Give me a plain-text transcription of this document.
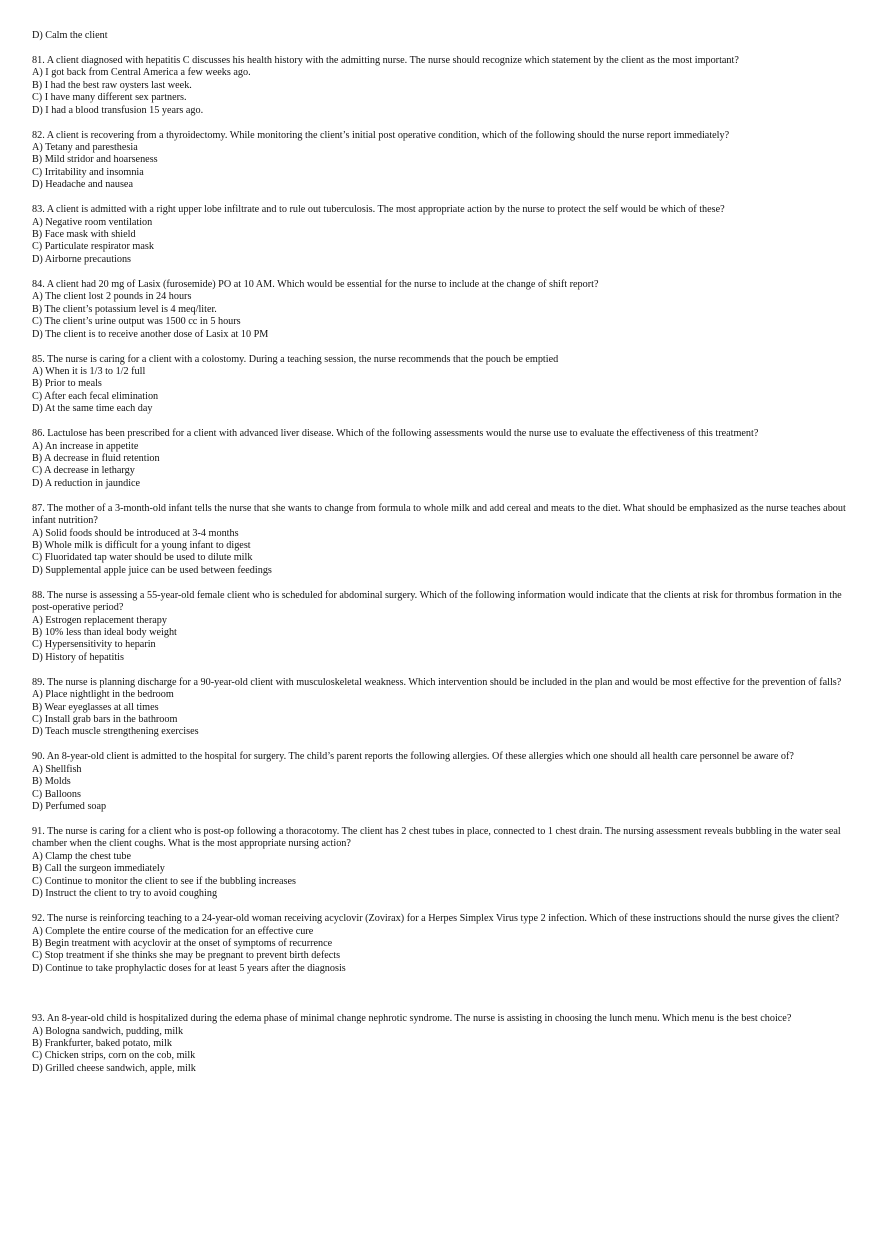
D) Calm the client
81. A client diagnosed with hepatitis C discusses his health history with the admitting nurse. The nurse should recognize which statement by the client as the most important?
A) I got back from Central America a few weeks ago.
B) I had the best raw oysters last week.
C) I have many different sex partners.
D) I had a blood transfusion 15 years ago.
82. A client is recovering from a thyroidectomy. While monitoring the client’s initial post operative condition, which of the following should the nurse report immediately?
A) Tetany and paresthesia
B) Mild stridor and hoarseness
C) Irritability and insomnia
D) Headache and nausea
83. A client is admitted with a right upper lobe infiltrate and to rule out tuberculosis. The most appropriate action by the nurse to protect the self would be which of these?
A) Negative room ventilation
B) Face mask with shield
C) Particulate respirator mask
D) Airborne precautions
84. A client had 20 mg of Lasix (furosemide) PO at 10 AM. Which would be essential for the nurse to include at the change of shift report?
A) The client lost 2 pounds in 24 hours
B) The client’s potassium level is 4 meq/liter.
C) The client’s urine output was 1500 cc in 5 hours
D) The client is to receive another dose of Lasix at 10 PM
85. The nurse is caring for a client with a colostomy. During a teaching session, the nurse recommends that the pouch be emptied
A) When it is 1/3 to 1/2 full
B) Prior to meals
C) After each fecal elimination
D) At the same time each day
86. Lactulose has been prescribed for a client with advanced liver disease. Which of the following assessments would the nurse use to evaluate the effectiveness of this treatment?
A) An increase in appetite
B) A decrease in fluid retention
C) A decrease in lethargy
D) A reduction in jaundice
87. The mother of a 3-month-old infant tells the nurse that she wants to change from formula to whole milk and add cereal and meats to the diet. What should be emphasized as the nurse teaches about infant nutrition?
A) Solid foods should be introduced at 3-4 months
B) Whole milk is difficult for a young infant to digest
C) Fluoridated tap water should be used to dilute milk
D) Supplemental apple juice can be used between feedings
88. The nurse is assessing a 55-year-old female client who is scheduled for abdominal surgery. Which of the following information would indicate that the clients at risk for thrombus formation in the post-operative period?
A) Estrogen replacement therapy
B) 10% less than ideal body weight
C) Hypersensitivity to heparin
D) History of hepatitis
89. The nurse is planning discharge for a 90-year-old client with musculoskeletal weakness. Which intervention should be included in the plan and would be most effective for the prevention of falls?
A) Place nightlight in the bedroom
B) Wear eyeglasses at all times
C) Install grab bars in the bathroom
D) Teach muscle strengthening exercises
90. An 8-year-old client is admitted to the hospital for surgery. The child’s parent reports the following allergies. Of these allergies which one should all health care personnel be aware of?
A) Shellfish
B) Molds
C) Balloons
D) Perfumed soap
91. The nurse is caring for a client who is post-op following a thoracotomy. The client has 2 chest tubes in place, connected to 1 chest drain. The nursing assessment reveals bubbling in the water seal chamber when the client coughs. What is the most appropriate nursing action?
A) Clamp the chest tube
B) Call the surgeon immediately
C) Continue to monitor the client to see if the bubbling increases
D) Instruct the client to try to avoid coughing
92. The nurse is reinforcing teaching to a 24-year-old woman receiving acyclovir (Zovirax) for a Herpes Simplex Virus type 2 infection. Which of these instructions should the nurse gives the client?
A) Complete the entire course of the medication for an effective cure
B) Begin treatment with acyclovir at the onset of symptoms of recurrence
C) Stop treatment if she thinks she may be pregnant to prevent birth defects
D) Continue to take prophylactic doses for at least 5 years after the diagnosis
93. An 8-year-old child is hospitalized during the edema phase of minimal change nephrotic syndrome. The nurse is assisting in choosing the lunch menu. Which menu is the best choice?
A) Bologna sandwich, pudding, milk
B) Frankfurter, baked potato, milk
C) Chicken strips, corn on the cob, milk
D) Grilled cheese sandwich, apple, milk
